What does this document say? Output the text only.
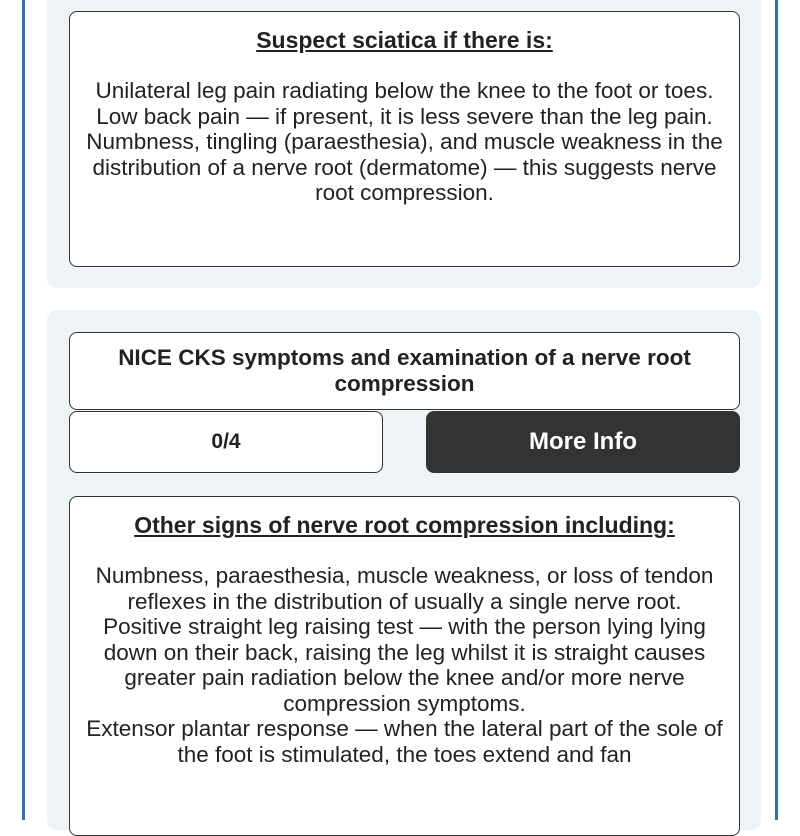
Suspect sciatica if there is:

Unilateral leg pain radiating below the knee to the foot or toes.

Low back pain — if present, it is less severe than the leg pain.

Numbness, tingling (paraesthesia), and muscle weakness in the distribution of a nerve root (dermatome) — this suggests nerve root compression.

NICE CKS symptoms and examination of a nerve root compression
0/4	More Info
Other signs of nerve root compression including:

Numbness, paraesthesia, muscle weakness, or loss of tendon reflexes in the distribution of usually a single nerve root.

Positive straight leg raising test — with the person lying lying down on their back, raising the leg whilst it is straight causes greater pain radiation below the knee and/or more nerve compression symptoms.

Extensor plantar response — when the lateral part of the sole of the foot is stimulated, the toes extend and fan
